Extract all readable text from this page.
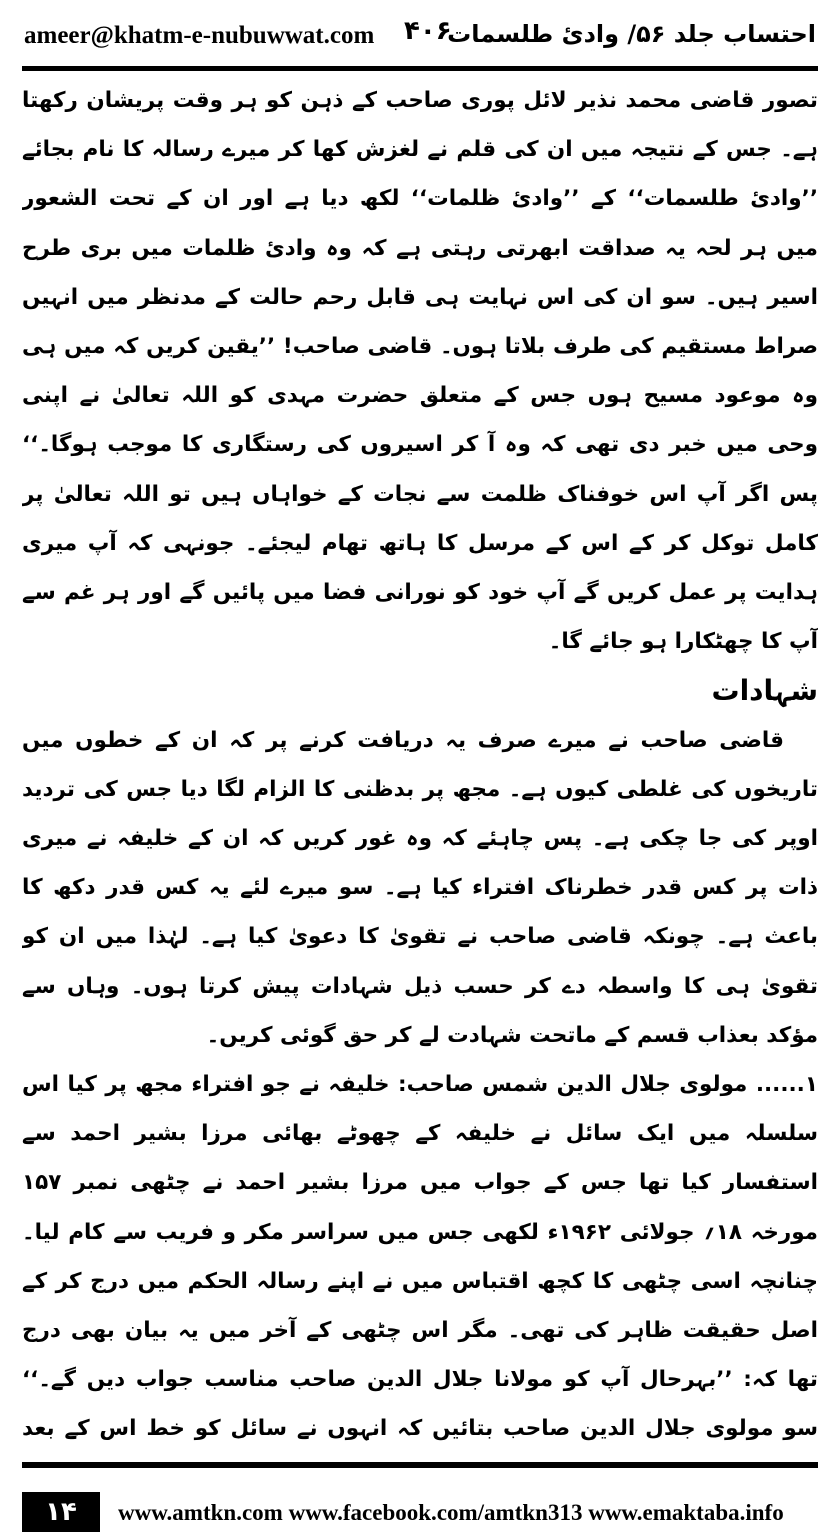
ameer@khatm-e-nubuwwat.com ۴۰۶
احتساب جلد ۵۶/ وادیٔ طلسمات

تصور قاضی محمد نذیر لائل پوری صاحب کے ذہن کو ہر وقت پریشان رکھتا ہے۔ جس کے نتیجہ میں ان کی قلم نے لغزش کھا کر میرے رسالہ کا نام بجائے ’’وادیٔ طلسمات‘‘ کے ’’وادیٔ ظلمات‘‘ لکھ دیا ہے اور ان کے تحت الشعور میں ہر لحہ یہ صداقت ابھرتی رہتی ہے کہ وہ وادیٔ ظلمات میں بری طرح اسیر ہیں۔ سو ان کی اس نہایت ہی قابل رحم حالت کے مدنظر میں انہیں صراط مستقیم کی طرف بلاتا ہوں۔ قاضی صاحب! ’’یقین کریں کہ میں ہی وہ موعود مسیح ہوں جس کے متعلق حضرت مہدی کو اللہ تعالیٰ نے اپنی وحی میں خبر دی تھی کہ وہ آ کر اسیروں کی رستگاری کا موجب ہوگا۔‘‘ پس اگر آپ اس خوفناک ظلمت سے نجات کے خواہاں ہیں تو اللہ تعالیٰ پر کامل توکل کر کے اس کے مرسل کا ہاتھ تھام لیجئے۔ جونہی کہ آپ میری ہدایت پر عمل کریں گے آپ خود کو نورانی فضا میں پائیں گے اور ہر غم سے آپ کا چھٹکارا ہو جائے گا۔

شہادات

قاضی صاحب نے میرے صرف یہ دریافت کرنے پر کہ ان کے خطوں میں تاریخوں کی غلطی کیوں ہے۔ مجھ پر بدظنی کا الزام لگا دیا جس کی تردید اوپر کی جا چکی ہے۔ پس چاہئے کہ وہ غور کریں کہ ان کے خلیفہ نے میری ذات پر کس قدر خطرناک افتراء کیا ہے۔ سو میرے لئے یہ کس قدر دکھ کا باعث ہے۔ چونکہ قاضی صاحب نے تقویٰ کا دعویٰ کیا ہے۔ لہٰذا میں ان کو تقویٰ ہی کا واسطہ دے کر حسب ذیل شہادات پیش کرتا ہوں۔ وہاں سے مؤکد بعذاب قسم کے ماتحت شہادت لے کر حق گوئی کریں۔

۱...... مولوی جلال الدین شمس صاحب: خلیفہ نے جو افتراء مجھ پر کیا اس سلسلہ میں ایک سائل نے خلیفہ کے چھوٹے بھائی مرزا بشیر احمد سے استفسار کیا تھا جس کے جواب میں مرزا بشیر احمد نے چٹھی نمبر ۱۵۷ مورخہ ۱۸؍ جولائی ۱۹۶۲ء لکھی جس میں سراسر مکر و فریب سے کام لیا۔ چنانچہ اسی چٹھی کا کچھ اقتباس میں نے اپنے رسالہ الحکم میں درج کر کے اصل حقیقت ظاہر کی تھی۔ مگر اس چٹھی کے آخر میں یہ بیان بھی درج تھا کہ: ’’بہرحال آپ کو مولانا جلال الدین صاحب مناسب جواب دیں گے۔‘‘ سو مولوی جلال الدین صاحب بتائیں کہ انہوں نے سائل کو خط اس کے بعد

۱۴	www.amtkn.com www.facebook.com/amtkn313 www.emaktaba.info
